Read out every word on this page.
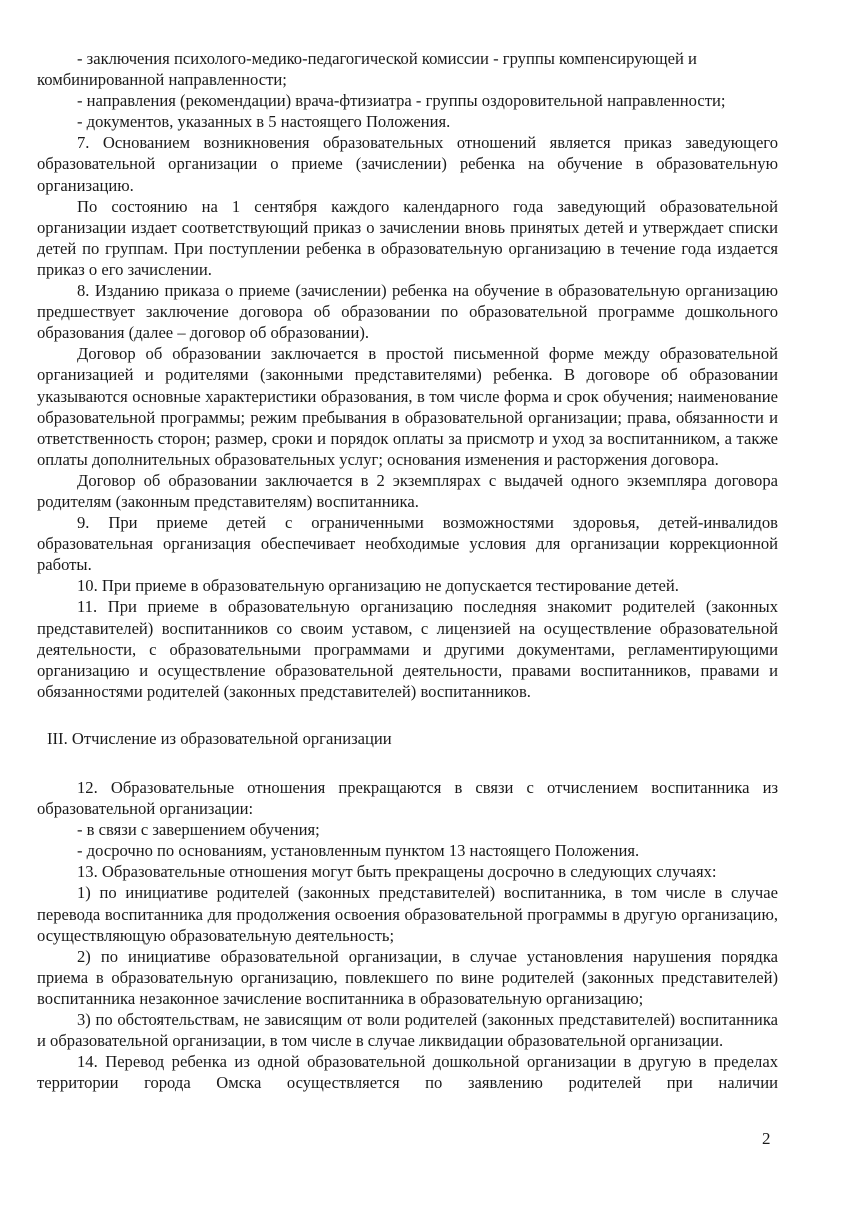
- заключения психолого-медико-педагогической комиссии - группы компенсирующей и

комбинированной направленности;

- направления (рекомендации) врача-фтизиатра - группы оздоровительной направленности;

- документов, указанных в 5 настоящего Положения.

7. Основанием возникновения образовательных отношений является приказ заведующего образовательной организации о приеме (зачислении) ребенка на обучение в образовательную организацию.

По состоянию на 1 сентября каждого календарного года заведующий образовательной организации издает соответствующий приказ о зачислении вновь принятых детей и утверждает списки детей по группам. При поступлении ребенка в образовательную организацию в течение года издается приказ о его зачислении.

8. Изданию приказа о приеме (зачислении) ребенка на обучение в образовательную организацию предшествует заключение договора об образовании по образовательной программе дошкольного образования (далее – договор об образовании).

Договор об образовании заключается в простой письменной форме между образовательной организацией и родителями (законными представителями) ребенка. В договоре об образовании указываются основные характеристики образования, в том числе форма и срок обучения; наименование образовательной программы; режим пребывания в образовательной организации; права, обязанности и ответственность сторон; размер, сроки и порядок оплаты за присмотр и уход за воспитанником, а также оплаты дополнительных образовательных услуг; основания изменения и расторжения договора.

Договор об образовании заключается в 2 экземплярах с выдачей одного экземпляра договора родителям (законным представителям) воспитанника.

9. При приеме детей с ограниченными возможностями здоровья, детей-инвалидов образовательная организация обеспечивает необходимые условия для организации коррекционной работы.

10. При приеме в образовательную организацию не допускается тестирование детей.

11. При приеме в образовательную организацию последняя знакомит родителей (законных представителей) воспитанников со своим уставом, с лицензией на осуществление образовательной деятельности, с образовательными программами и другими документами, регламентирующими организацию и осуществление образовательной деятельности, правами воспитанников, правами и обязанностями родителей (законных представителей) воспитанников.

III. Отчисление из образовательной организации

12. Образовательные отношения прекращаются в связи с отчислением воспитанника из образовательной организации:

- в связи с завершением обучения;

- досрочно по основаниям, установленным пунктом 13 настоящего Положения.

13. Образовательные отношения могут быть прекращены досрочно в следующих случаях:

1) по инициативе родителей (законных представителей) воспитанника, в том числе в случае перевода воспитанника для продолжения освоения образовательной программы в другую организацию, осуществляющую образовательную деятельность;

2) по инициативе образовательной организации, в случае установления нарушения порядка приема в образовательную организацию, повлекшего по вине родителей (законных представителей) воспитанника незаконное зачисление воспитанника в образовательную организацию;

3) по обстоятельствам, не зависящим от воли родителей (законных представителей) воспитанника и образовательной организации, в том числе в случае ликвидации образовательной организации.

14. Перевод ребенка из одной образовательной дошкольной организации в другую в пределах территории города Омска осуществляется по заявлению родителей при наличии

2
